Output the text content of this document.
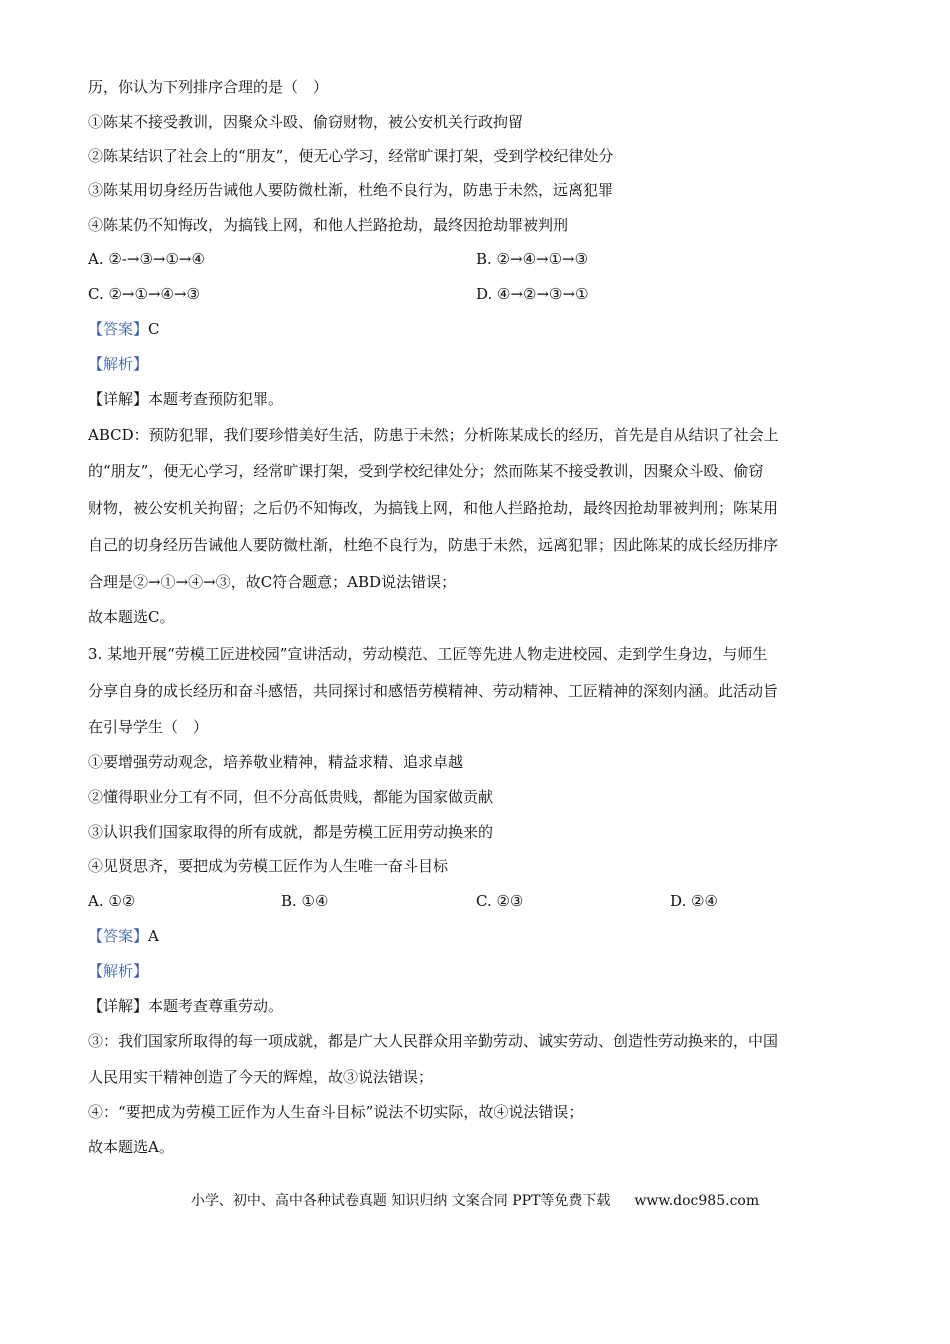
历，你认为下列排序合理的是（　）
①陈某不接受教训，因聚众斗殴、偷窃财物，被公安机关行政拘留
②陈某结识了社会上的“朋友”，便无心学习，经常旷课打架，受到学校纪律处分
③陈某用切身经历告诫他人要防微杜渐，杜绝不良行为，防患于未然，远离犯罪
④陈某仍不知悔改，为搞钱上网，和他人拦路抢劫，最终因抢劫罪被判刑
A. ②-→③→①→④	B. ②→④→①→③
C. ②→①→④→③	D. ④→②→③→①
【答案】C
【解析】
【详解】本题考查预防犯罪。
ABCD：预防犯罪，我们要珍惜美好生活，防患于未然；分析陈某成长的经历，首先是自从结识了社会上
的“朋友”，便无心学习，经常旷课打架，受到学校纪律处分；然而陈某不接受教训，因聚众斗殴、偷窃
财物，被公安机关拘留；之后仍不知悔改，为搞钱上网，和他人拦路抢劫，最终因抢劫罪被判刑；陈某用
自己的切身经历告诫他人要防微杜渐，杜绝不良行为，防患于未然，远离犯罪；因此陈某的成长经历排序
合理是②→①→④→③，故C符合题意；ABD说法错误；
故本题选C。
3. 某地开展“劳模工匠进校园”宣讲活动，劳动模范、工匠等先进人物走进校园、走到学生身边，与师生
分享自身的成长经历和奋斗感悟，共同探讨和感悟劳模精神、劳动精神、工匠精神的深刻内涵。此活动旨
在引导学生（　）
①要增强劳动观念，培养敬业精神，精益求精、追求卓越
②懂得职业分工有不同，但不分高低贵贱，都能为国家做贡献
③认识我们国家取得的所有成就，都是劳模工匠用劳动换来的
④见贤思齐，要把成为劳模工匠作为人生唯一奋斗目标
A. ①②	B. ①④	C. ②③	D. ②④
【答案】A
【解析】
【详解】本题考查尊重劳动。
③：我们国家所取得的每一项成就，都是广大人民群众用辛勤劳动、诚实劳动、创造性劳动换来的，中国
人民用实干精神创造了今天的辉煌，故③说法错误；
④：“要把成为劳模工匠作为人生奋斗目标”说法不切实际，故④说法错误；
故本题选A。
小学、初中、高中各种试卷真题 知识归纳 文案合同 PPT等免费下载 www.doc985.com
